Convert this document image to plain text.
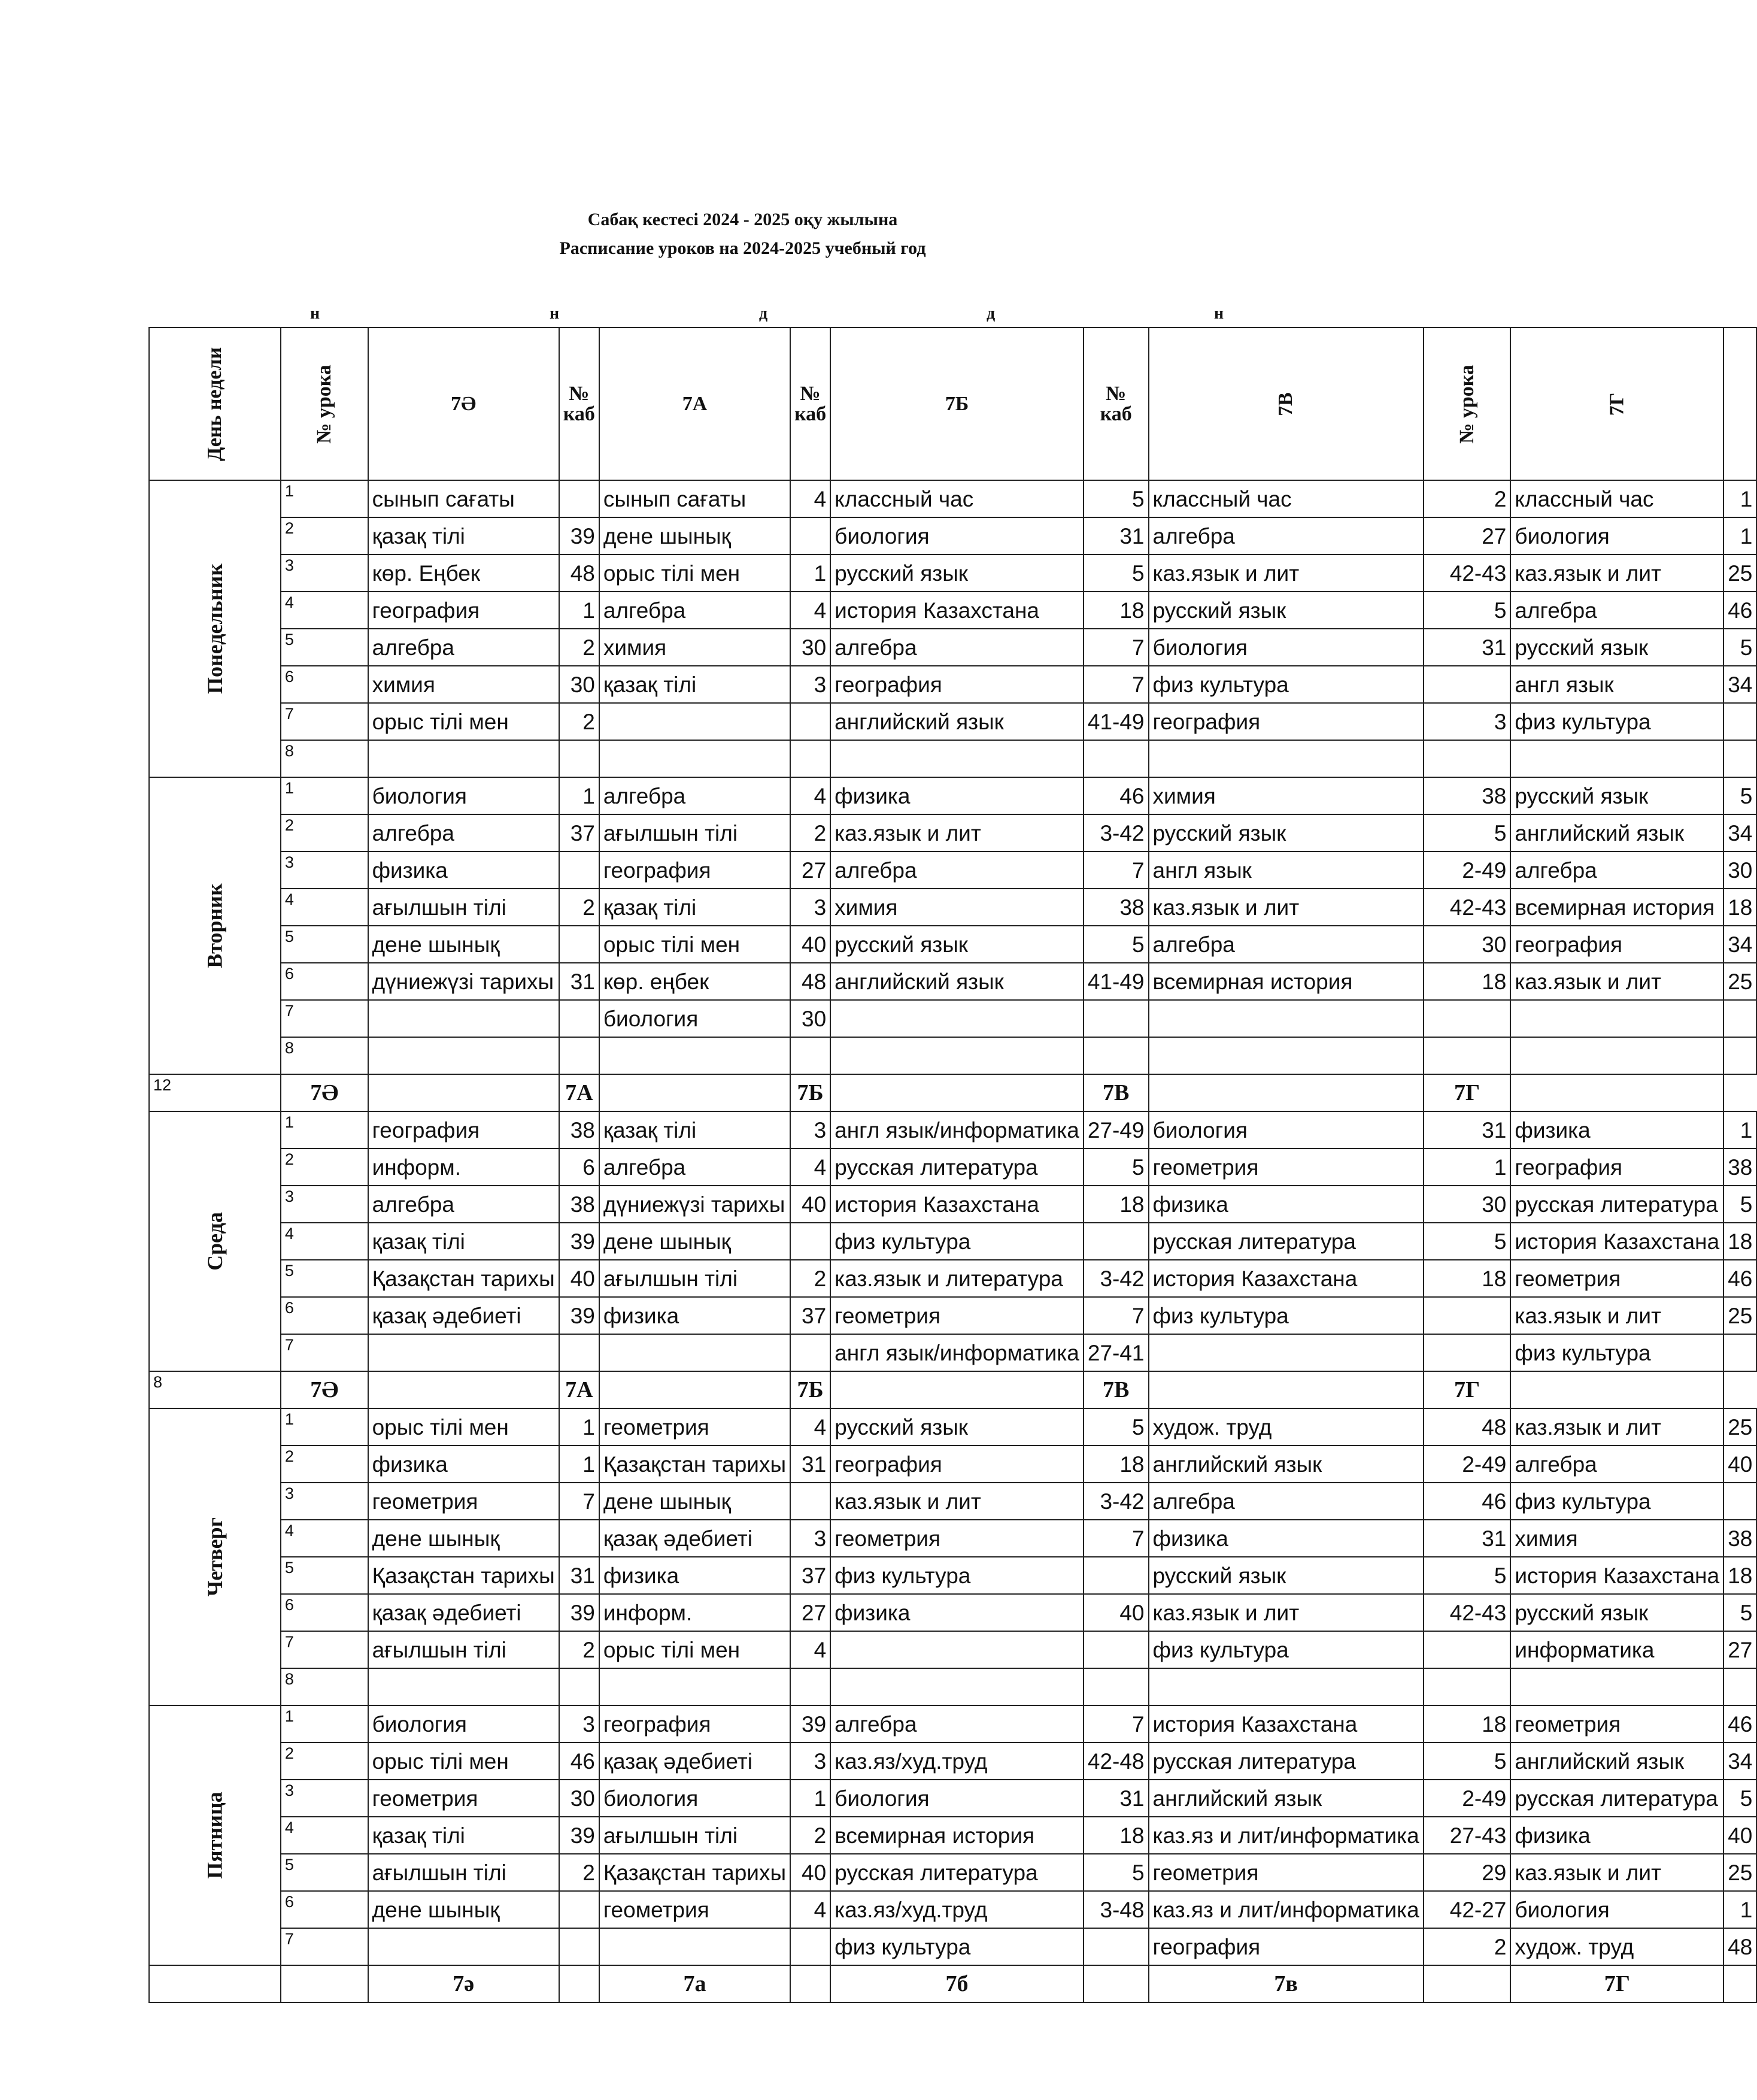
Сабақ кестесі 2024 - 2025 оқу жылына
Расписание уроков на 2024-2025 учебный год
н	н	д	д	н
День недели	№ урока	7Ә	№ каб	7А	№ каб	7Б	№ каб	7В	№ урока	7Г	
Понедельник	1	сынып сағаты		сынып сағаты	4	классный час	5	классный час	2	классный час	1
	2	қазақ тілі	39	дене шынық		биология	31	алгебра	27	биология	1
	3	көр. Еңбек	48	орыс тілі мен	1	русский язык	5	каз.язык и лит	42-43	каз.язык и лит	25
	4	география	1	алгебра	4	история Казахстана	18	русский язык	5	алгебра	46
	5	алгебра	2	химия	30	алгебра	7	биология	31	русский язык	5
	6	химия	30	қазақ тілі	3	география	7	физ культура		англ язык	34
	7	орыс тілі мен	2			английский язык	41-49	география	3	физ культура	
	8										
Вторник	1	биология	1	алгебра	4	физика	46	химия	38	русский язык	5
	2	алгебра	37	ағылшын тілі	2	каз.язык и лит	3-42	русский язык	5	английский язык	34
	3	физика		география	27	алгебра	7	англ язык	2-49	алгебра	30
	4	ағылшын тілі	2	қазақ тілі	3	химия	38	каз.язык и лит	42-43	всемирная история	18
	5	дене шынық		орыс тілі мен	40	русский язык	5	алгебра	30	география	34
	6	дүниежүзі тарихы	31	көр. еңбек	48	английский язык	41-49	всемирная история	18	каз.язык и лит	25
	7			биология	30						
	8										
12	7Ә		7А		7Б		7В		7Г		
Среда	1	география	38	қазақ тілі	3	англ язык/информатика	27-49	биология	31	физика	1
	2	информ.	6	алгебра	4	русская литература	5	геометрия	1	география	38
	3	алгебра	38	дүниежүзі тарихы	40	история Казахстана	18	физика	30	русская литература	5
	4	қазақ тілі	39	дене шынық		физ культура		русская литература	5	история Казахстана	18
	5	Қазақстан тарихы	40	ағылшын тілі	2	каз.язык и литература	3-42	история Казахстана	18	геометрия	46
	6	қазақ әдебиеті	39	физика	37	геометрия	7	физ культура		каз.язык и лит	25
	7					англ язык/информатика	27-41			физ культура	
8	7Ә		7А		7Б		7В		7Г		
Четверг	1	орыс тілі мен	1	геометрия	4	русский язык	5	худож. труд	48	каз.язык и лит	25
	2	физика	1	Қазақстан тарихы	31	география	18	английский язык	2-49	алгебра	40
	3	геометрия	7	дене шынық		каз.язык и лит	3-42	алгебра	46	физ культура	
	4	дене шынық		қазақ әдебиеті	3	геометрия	7	физика	31	химия	38
	5	Қазақстан тарихы	31	физика	37	физ культура		русский язык	5	история Казахстана	18
	6	қазақ әдебиеті	39	информ.	27	физика	40	каз.язык и лит	42-43	русский язык	5
	7	ағылшын тілі	2	орыс тілі мен	4			физ культура		информатика	27
	8										
Пятница	1	биология	3	география	39	алгебра	7	история Казахстана	18	геометрия	46
	2	орыс тілі мен	46	қазақ әдебиеті	3	каз.яз/худ.труд	42-48	русская литература	5	английский язык	34
	3	геометрия	30	биология	1	биология	31	английский язык	2-49	русская литература	5
	4	қазақ тілі	39	ағылшын тілі	2	всемирная история	18	каз.яз и лит/информатика	27-43	физика	40
	5	ағылшын тілі	2	Қазақстан тарихы	40	русская литература	5	геометрия	29	каз.язык и лит	25
	6	дене шынық		геометрия	4	каз.яз/худ.труд	3-48	каз.яз и лит/информатика	42-27	биология	1
	7					физ культура		география	2	худож. труд	48
		7ә		7а		7б		7в		7Г	
